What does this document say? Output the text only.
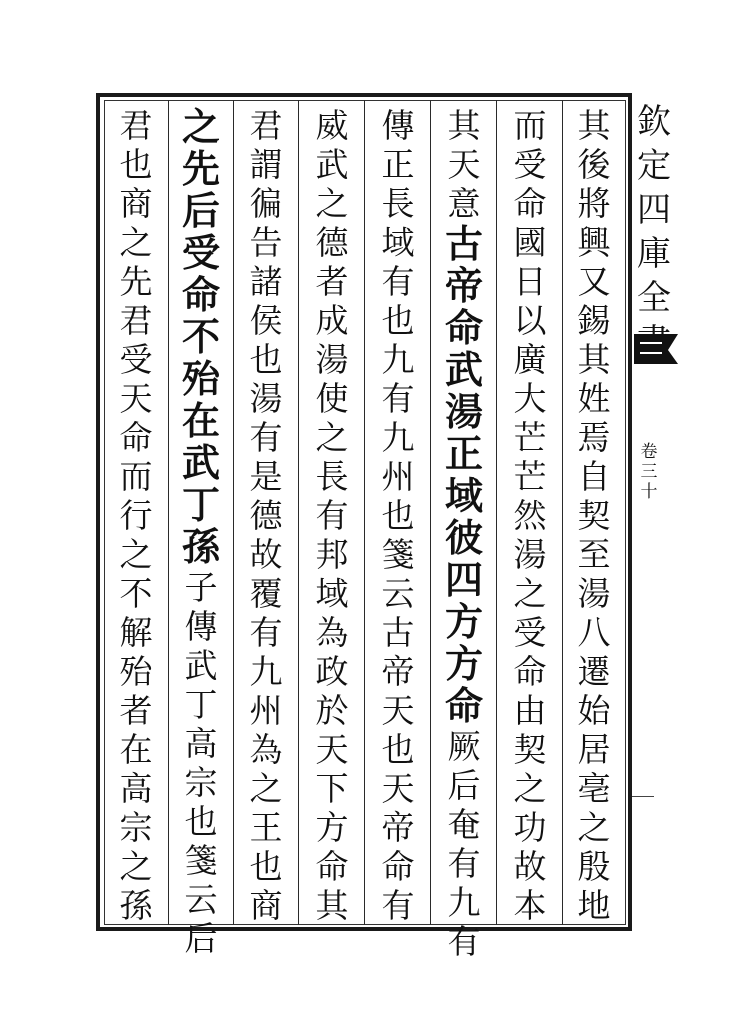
其
後
將
興
又
錫
其
姓
焉
自
契
至
湯
八
遷
始
居
亳
之
殷
地
而
受
命
國
日
以
廣
大
芒
芒
然
湯
之
受
命
由
契
之
功
故
本
其
天
意
古
帝
命
武
湯
正
域
彼
四
方
方
命
厥
后
奄
有
九
有
傳
正
長
域
有
也
九
有
九
州
也
箋
云
古
帝
天
也
天
帝
命
有
威
武
之
德
者
成
湯
使
之
長
有
邦
域
為
政
於
天
下
方
命
其
君
謂
徧
告
諸
侯
也
湯
有
是
德
故
覆
有
九
州
為
之
王
也
商
之
先
后
受
命
不
殆
在
武
丁
孫
子
傳
武
丁
高
宗
也
箋
云
后
君
也
商
之
先
君
受
天
命
而
行
之
不
解
殆
者
在
高
宗
之
孫
欽
定
四
庫
全
卷
三
十
